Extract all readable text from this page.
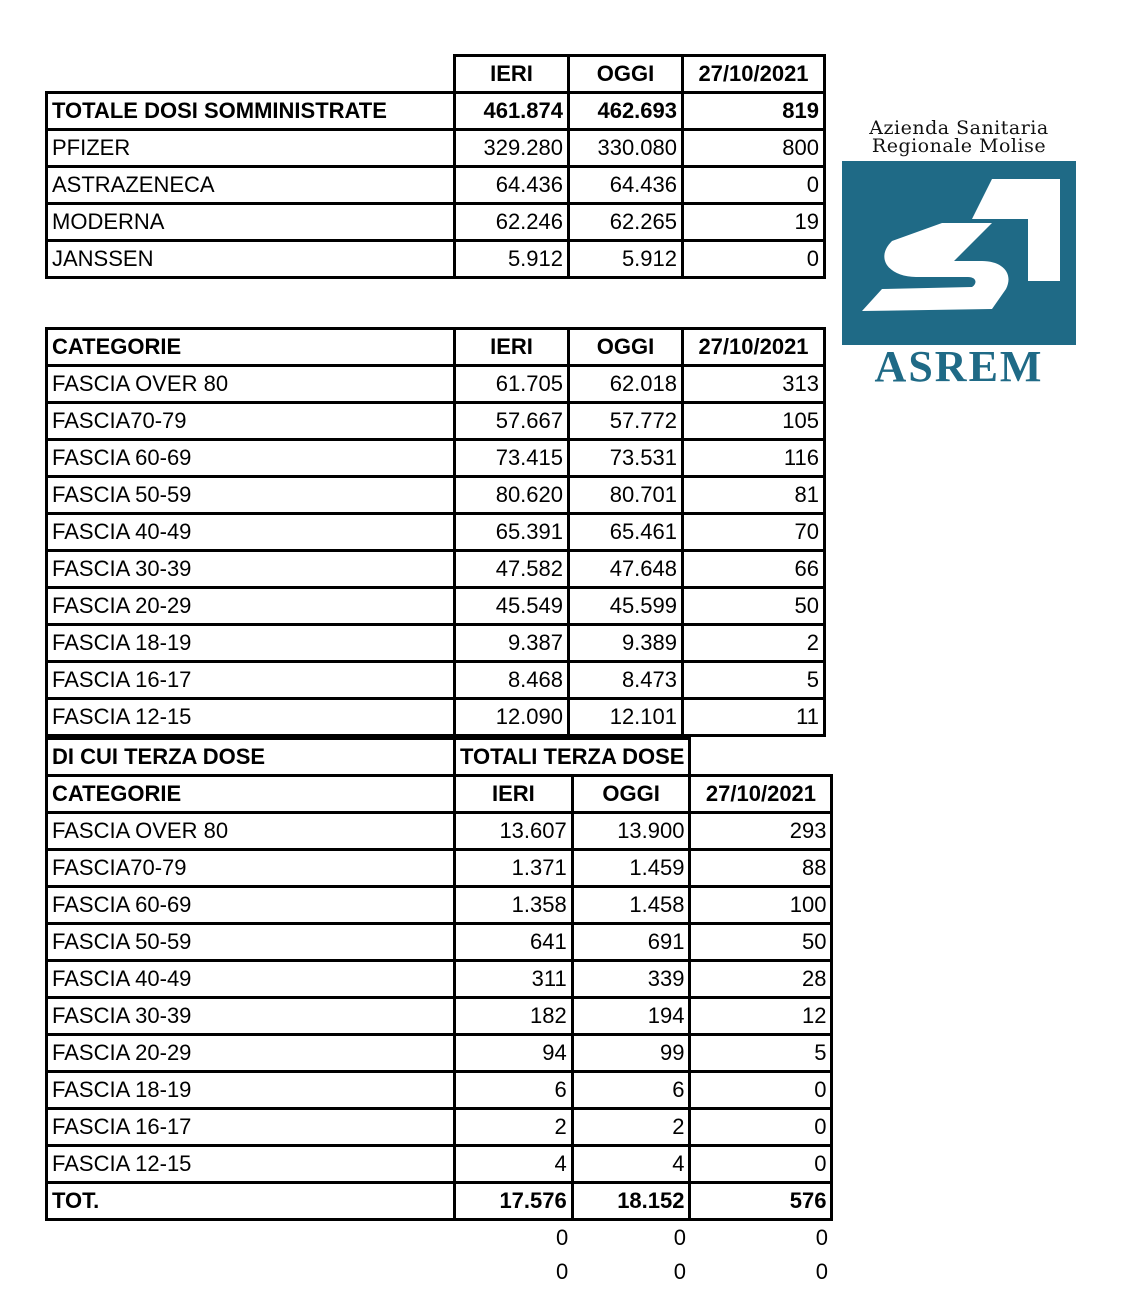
	IERI	OGGI	27/10/2021
TOTALE DOSI SOMMINISTRATE	461.874	462.693	819
PFIZER	329.280	330.080	800
ASTRAZENECA	64.436	64.436	0
MODERNA	62.246	62.265	19
JANSSEN	5.912	5.912	0
CATEGORIE	IERI	OGGI	27/10/2021
FASCIA OVER 80	61.705	62.018	313
FASCIA70-79	57.667	57.772	105
FASCIA 60-69	73.415	73.531	116
FASCIA 50-59	80.620	80.701	81
FASCIA 40-49	65.391	65.461	70
FASCIA 30-39	47.582	47.648	66
FASCIA 20-29	45.549	45.599	50
FASCIA 18-19	9.387	9.389	2
FASCIA 16-17	8.468	8.473	5
FASCIA 12-15	12.090	12.101	11
DI CUI TERZA DOSE	TOTALI TERZA DOSE		
CATEGORIE	IERI	OGGI	27/10/2021
FASCIA OVER 80	13.607	13.900	293
FASCIA70-79	1.371	1.459	88
FASCIA 60-69	1.358	1.458	100
FASCIA 50-59	641	691	50
FASCIA 40-49	311	339	28
FASCIA 30-39	182	194	12
FASCIA 20-29	94	99	5
FASCIA 18-19	6	6	0
FASCIA 16-17	2	2	0
FASCIA 12-15	4	4	0
TOT.	17.576	18.152	576
	0	0	0
	0	0	0
Azienda Sanitaria
Regionale Molise
ASREM
